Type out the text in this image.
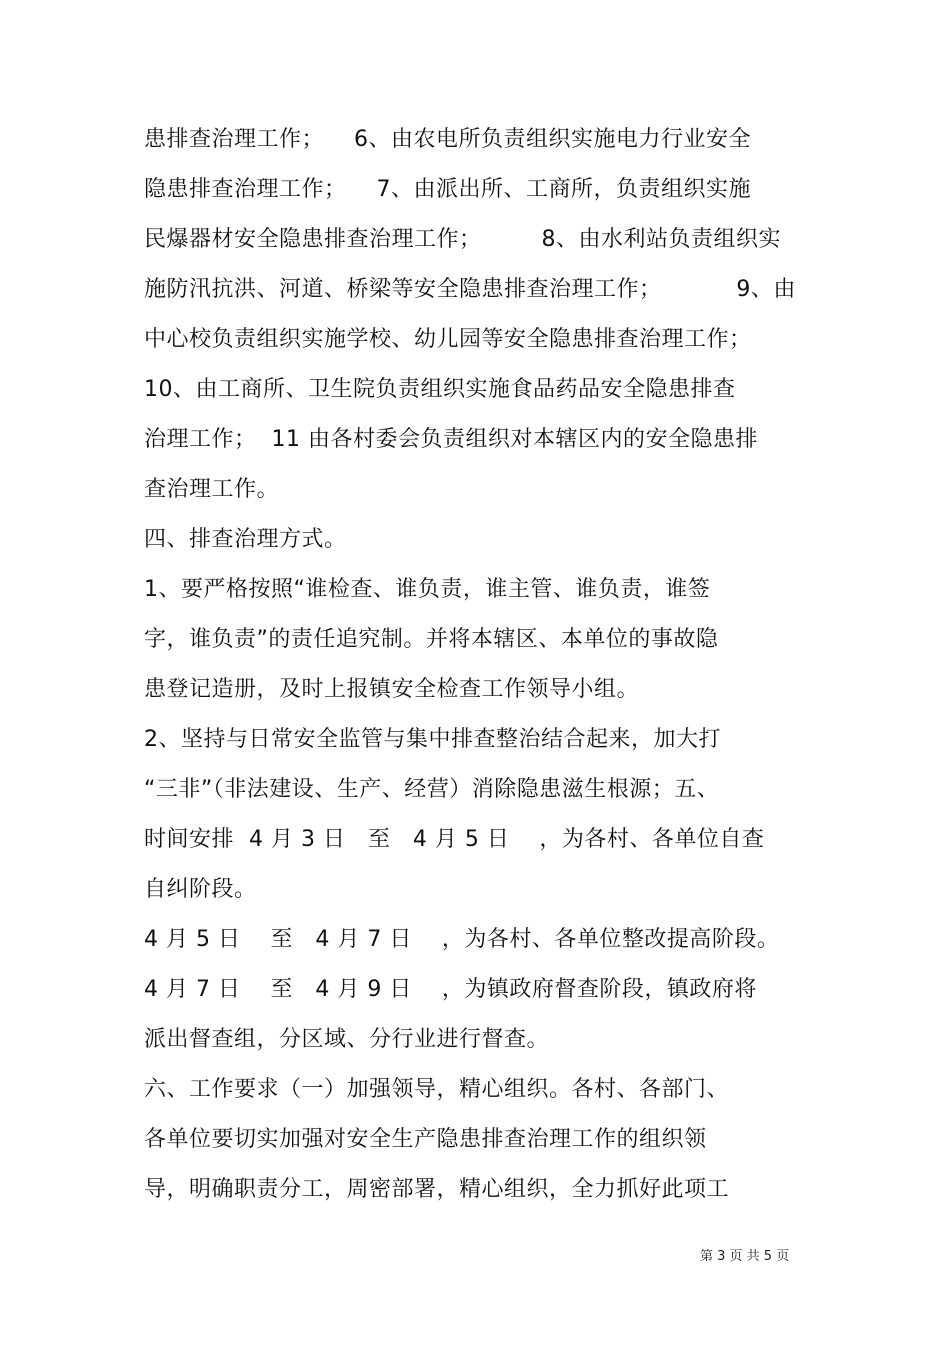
患排查治理工作；    6、由农电所负责组织实施电力行业安全
隐患排查治理工作；    7、由派出所、工商所，负责组织实施
民爆器材安全隐患排查治理工作；        8、由水利站负责组织实
施防汛抗洪、河道、桥梁等安全隐患排查治理工作；          9、由
中心校负责组织实施学校、幼儿园等安全隐患排查治理工作；
10、由工商所、卫生院负责组织实施食品药品安全隐患排查
治理工作；  11 由各村委会负责组织对本辖区内的安全隐患排
查治理工作。
四、排查治理方式。
1、要严格按照“谁检查、谁负责，谁主管、谁负责，谁签
字，谁负责”的责任追究制。并将本辖区、本单位的事故隐
患登记造册，及时上报镇安全检查工作领导小组。
2、坚持与日常安全监管与集中排查整治结合起来，加大打
“三非”（非法建设、生产、经营）消除隐患滋生根源；五、
时间安排  4 月 3 日   至   4 月 5 日    ，为各村、各单位自查
自纠阶段。
4 月 5 日    至   4 月 7 日    ，为各村、各单位整改提高阶段。
4 月 7 日    至   4 月 9 日    ，为镇政府督查阶段，镇政府将
派出督查组，分区域、分行业进行督查。
六、工作要求（一）加强领导，精心组织。各村、各部门、
各单位要切实加强对安全生产隐患排查治理工作的组织领
导，明确职责分工，周密部署，精心组织，全力抓好此项工
第 3 页 共 5 页
